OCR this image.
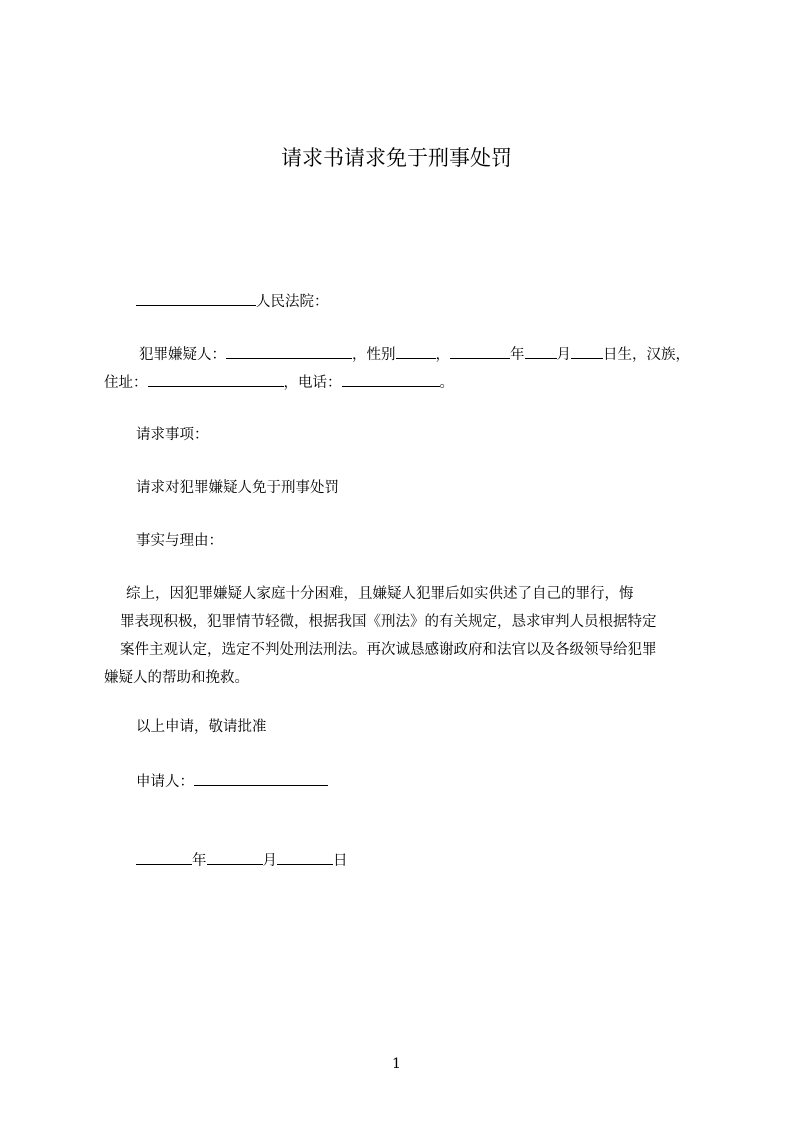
请求书请求免于刑事处罚
人民法院：
犯罪嫌疑人：	，性别	，	年 月 日生，汉族，
住址：	，电话：	。
请求事项：
请求对犯罪嫌疑人免于刑事处罚
事实与理由：

综上，因犯罪嫌疑人家庭十分困难，且嫌疑人犯罪后如实供述了自己的罪行，悔

罪表现积极，犯罪情节轻微，根据我国《刑法》的有关规定，恳求审判人员根据特定

案件主观认定，选定不判处刑法刑法。再次诚恳感谢政府和法官以及各级领导给犯罪

嫌疑人的帮助和挽救。

以上申请，敬请批准
申请人：
年	月	日
1
